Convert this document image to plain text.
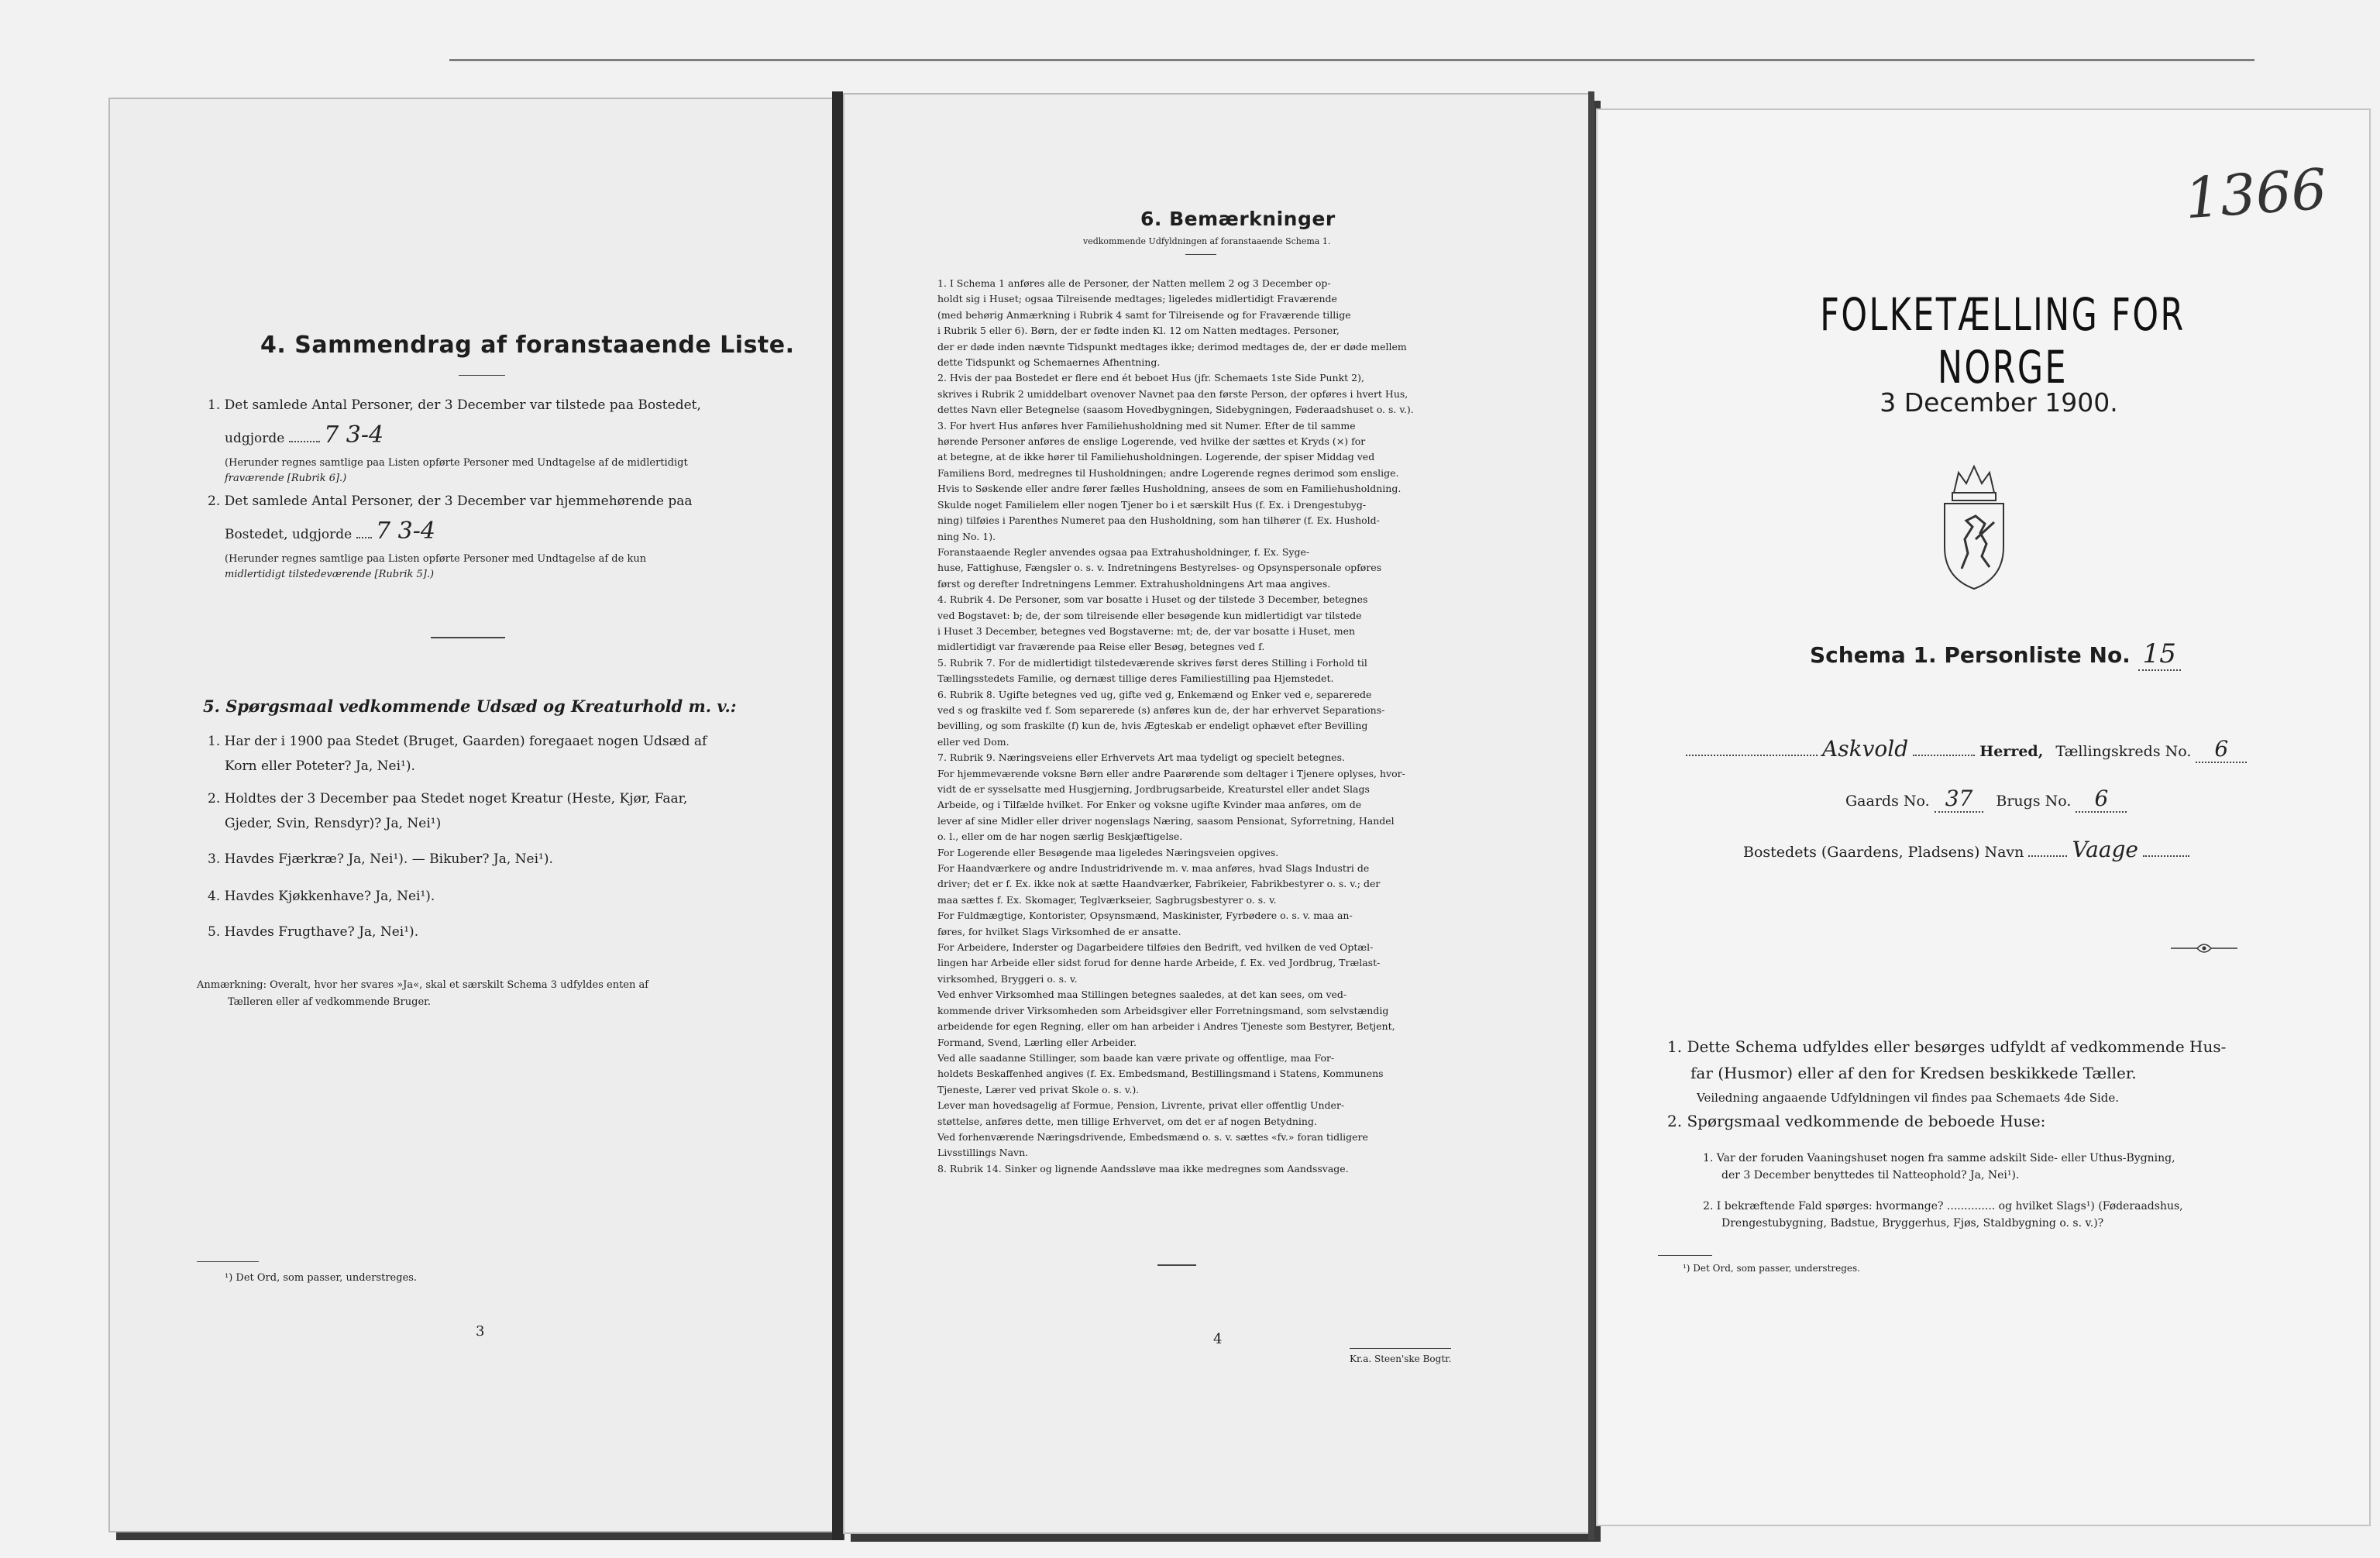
4. Sammendrag af foranstaaende Liste.
1. Det samlede Antal Personer, der 3 December var tilstede paa Bostedet,
udgjorde 7 3-4
(Herunder regnes samtlige paa Listen opførte Personer med Undtagelse af de midlertidigt
fraværende [Rubrik 6].)
2. Det samlede Antal Personer, der 3 December var hjemmehørende paa
Bostedet, udgjorde 7 3-4
(Herunder regnes samtlige paa Listen opførte Personer med Undtagelse af de kun
midlertidigt tilstedeværende [Rubrik 5].)
5. Spørgsmaal vedkommende Udsæd og Kreaturhold m. v.:
1. Har der i 1900 paa Stedet (Bruget, Gaarden) foregaaet nogen Udsæd af
Korn eller Poteter? Ja, Nei¹).
2. Holdtes der 3 December paa Stedet noget Kreatur (Heste, Kjør, Faar,
Gjeder, Svin, Rensdyr)? Ja, Nei¹)
3. Havdes Fjærkræ? Ja, Nei¹). — Bikuber? Ja, Nei¹).
4. Havdes Kjøkkenhave? Ja, Nei¹).
5. Havdes Frugthave? Ja, Nei¹).
Anmærkning: Overalt, hvor her svares »Ja«, skal et særskilt Schema 3 udfyldes enten af
Tælleren eller af vedkommende Bruger.
¹) Det Ord, som passer, understreges.
3
6. Bemærkninger
vedkommende Udfyldningen af foranstaaende Schema 1.
1. I Schema 1 anføres alle de Personer, der Natten mellem 2 og 3 December op-
holdt sig i Huset; ogsaa Tilreisende medtages; ligeledes midlertidigt Fraværende
(med behørig Anmærkning i Rubrik 4 samt for Tilreisende og for Fraværende tillige
i Rubrik 5 eller 6). Børn, der er fødte inden Kl. 12 om Natten medtages. Personer,
der er døde inden nævnte Tidspunkt medtages ikke; derimod medtages de, der er døde mellem
dette Tidspunkt og Schemaernes Afhentning.
2. Hvis der paa Bostedet er flere end ét beboet Hus (jfr. Schemaets 1ste Side Punkt 2),
skrives i Rubrik 2 umiddelbart ovenover Navnet paa den første Person, der opføres i hvert Hus,
dettes Navn eller Betegnelse (saasom Hovedbygningen, Sidebygningen, Føderaadshuset o. s. v.).
3. For hvert Hus anføres hver Familiehusholdning med sit Numer. Efter de til samme
hørende Personer anføres de enslige Logerende, ved hvilke der sættes et Kryds (×) for
at betegne, at de ikke hører til Familiehusholdningen. Logerende, der spiser Middag ved
Familiens Bord, medregnes til Husholdningen; andre Logerende regnes derimod som enslige.
Hvis to Søskende eller andre fører fælles Husholdning, ansees de som en Familiehusholdning.
Skulde noget Familielem eller nogen Tjener bo i et særskilt Hus (f. Ex. i Drengestubyg-
ning) tilføies i Parenthes Numeret paa den Husholdning, som han tilhører (f. Ex. Hushold-
ning No. 1).
Foranstaaende Regler anvendes ogsaa paa Extrahusholdninger, f. Ex. Syge-
huse, Fattighuse, Fængsler o. s. v. Indretningens Bestyrelses- og Opsynspersonale opføres
først og derefter Indretningens Lemmer. Extrahusholdningens Art maa angives.
4. Rubrik 4. De Personer, som var bosatte i Huset og der tilstede 3 December, betegnes
ved Bogstavet: b; de, der som tilreisende eller besøgende kun midlertidigt var tilstede
i Huset 3 December, betegnes ved Bogstaverne: mt; de, der var bosatte i Huset, men
midlertidigt var fraværende paa Reise eller Besøg, betegnes ved f.
5. Rubrik 7. For de midlertidigt tilstedeværende skrives først deres Stilling i Forhold til
Tællingsstedets Familie, og dernæst tillige deres Familiestilling paa Hjemstedet.
6. Rubrik 8. Ugifte betegnes ved ug, gifte ved g, Enkemænd og Enker ved e, separerede
ved s og fraskilte ved f. Som separerede (s) anføres kun de, der har erhvervet Separations-
bevilling, og som fraskilte (f) kun de, hvis Ægteskab er endeligt ophævet efter Bevilling
eller ved Dom.
7. Rubrik 9. Næringsveiens eller Erhvervets Art maa tydeligt og specielt betegnes.
For hjemmeværende voksne Børn eller andre Paarørende som deltager i Tjenere oplyses, hvor-
vidt de er sysselsatte med Husgjerning, Jordbrugsarbeide, Kreaturstel eller andet Slags
Arbeide, og i Tilfælde hvilket. For Enker og voksne ugifte Kvinder maa anføres, om de
lever af sine Midler eller driver nogenslags Næring, saasom Pensionat, Syforretning, Handel
o. l., eller om de har nogen særlig Beskjæftigelse.
For Logerende eller Besøgende maa ligeledes Næringsveien opgives.
For Haandværkere og andre Industridrivende m. v. maa anføres, hvad Slags Industri de
driver; det er f. Ex. ikke nok at sætte Haandværker, Fabrikeier, Fabrikbestyrer o. s. v.; der
maa sættes f. Ex. Skomager, Teglværkseier, Sagbrugsbestyrer o. s. v.
For Fuldmægtige, Kontorister, Opsynsmænd, Maskinister, Fyrbødere o. s. v. maa an-
føres, for hvilket Slags Virksomhed de er ansatte.
For Arbeidere, Inderster og Dagarbeidere tilføies den Bedrift, ved hvilken de ved Optæl-
lingen har Arbeide eller sidst forud for denne harde Arbeide, f. Ex. ved Jordbrug, Trælast-
virksomhed, Bryggeri o. s. v.
Ved enhver Virksomhed maa Stillingen betegnes saaledes, at det kan sees, om ved-
kommende driver Virksomheden som Arbeidsgiver eller Forretningsmand, som selvstændig
arbeidende for egen Regning, eller om han arbeider i Andres Tjeneste som Bestyrer, Betjent,
Formand, Svend, Lærling eller Arbeider.
Ved alle saadanne Stillinger, som baade kan være private og offentlige, maa For-
holdets Beskaffenhed angives (f. Ex. Embedsmand, Bestillingsmand i Statens, Kommunens
Tjeneste, Lærer ved privat Skole o. s. v.).
Lever man hovedsagelig af Formue, Pension, Livrente, privat eller offentlig Under-
støttelse, anføres dette, men tillige Erhvervet, om det er af nogen Betydning.
Ved forhenværende Næringsdrivende, Embedsmænd o. s. v. sættes «fv.» foran tidligere
Livsstillings Navn.
8. Rubrik 14. Sinker og lignende Aandssløve maa ikke medregnes som Aandssvage.
4
Kr.a. Steen'ske Bogtr.
1366
FOLKETÆLLING FOR NORGE
3 December 1900.
Schema 1. Personliste No. 15
Askvold	Herred, Tællingskreds No. 6
Gaards No. 37 Brugs No. 6
Bostedets (Gaardens, Pladsens) Navn Vaage
1. Dette Schema udfyldes eller besørges udfyldt af vedkommende Hus-
far (Husmor) eller af den for Kredsen beskikkede Tæller.
Veiledning angaaende Udfyldningen vil findes paa Schemaets 4de Side.
2. Spørgsmaal vedkommende de beboede Huse:
1. Var der foruden Vaaningshuset nogen fra samme adskilt Side- eller Uthus-Bygning,
der 3 December benyttedes til Natteophold? Ja, Nei¹).
2. I bekræftende Fald spørges: hvormange? .............. og hvilket Slags¹) (Føderaadshus,
Drengestubygning, Badstue, Bryggerhus, Fjøs, Staldbygning o. s. v.)?
¹) Det Ord, som passer, understreges.
